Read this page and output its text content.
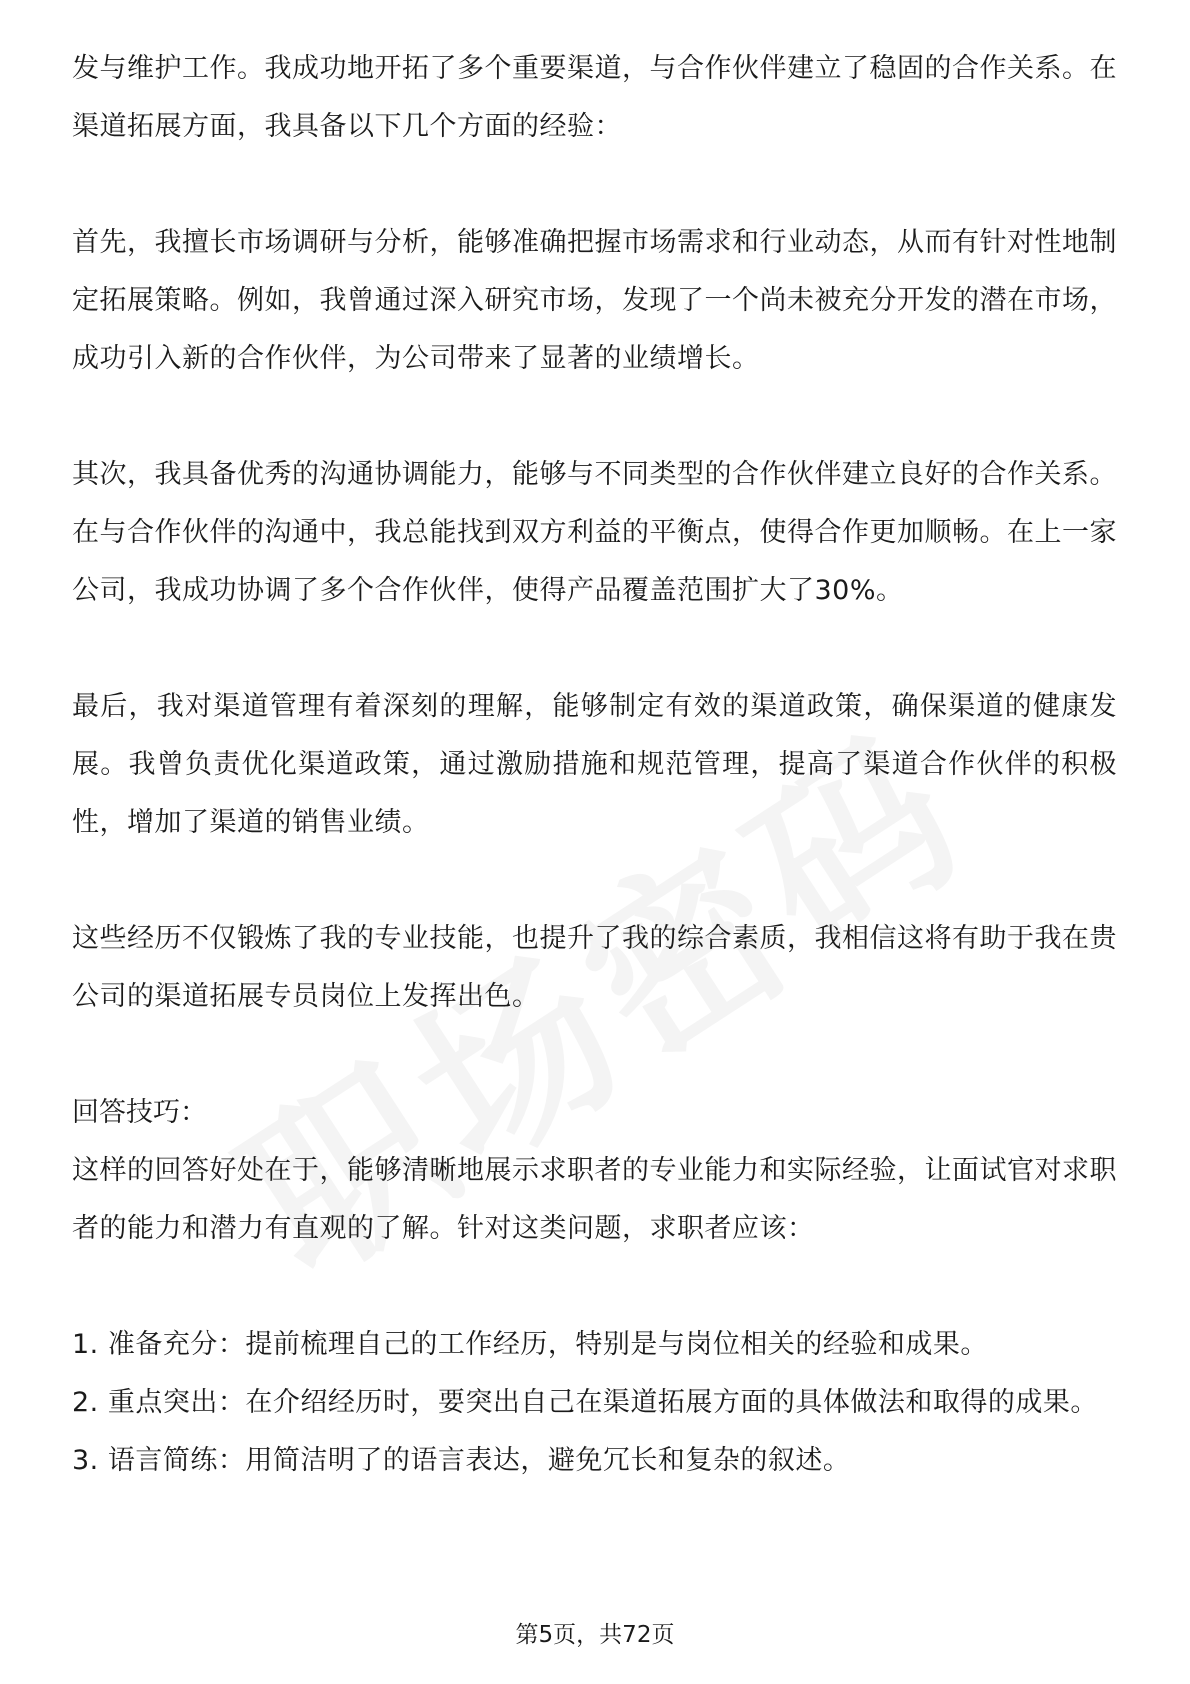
发与维护工作。我成功地开拓了多个重要渠道，与合作伙伴建立了稳固的合作关系。在渠道拓展方面，我具备以下几个方面的经验：

首先，我擅长市场调研与分析，能够准确把握市场需求和行业动态，从而有针对性地制定拓展策略。例如，我曾通过深入研究市场，发现了一个尚未被充分开发的潜在市场，成功引入新的合作伙伴，为公司带来了显著的业绩增长。

其次，我具备优秀的沟通协调能力，能够与不同类型的合作伙伴建立良好的合作关系。在与合作伙伴的沟通中，我总能找到双方利益的平衡点，使得合作更加顺畅。在上一家公司，我成功协调了多个合作伙伴，使得产品覆盖范围扩大了30%。

最后，我对渠道管理有着深刻的理解，能够制定有效的渠道政策，确保渠道的健康发展。我曾负责优化渠道政策，通过激励措施和规范管理，提高了渠道合作伙伴的积极性，增加了渠道的销售业绩。

这些经历不仅锻炼了我的专业技能，也提升了我的综合素质，我相信这将有助于我在贵公司的渠道拓展专员岗位上发挥出色。

回答技巧：

这样的回答好处在于，能够清晰地展示求职者的专业能力和实际经验，让面试官对求职者的能力和潜力有直观的了解。针对这类问题，求职者应该：

1. 准备充分：提前梳理自己的工作经历，特别是与岗位相关的经验和成果。
2. 重点突出：在介绍经历时，要突出自己在渠道拓展方面的具体做法和取得的成果。
3. 语言简练：用简洁明了的语言表达，避免冗长和复杂的叙述。
第5页，共72页
